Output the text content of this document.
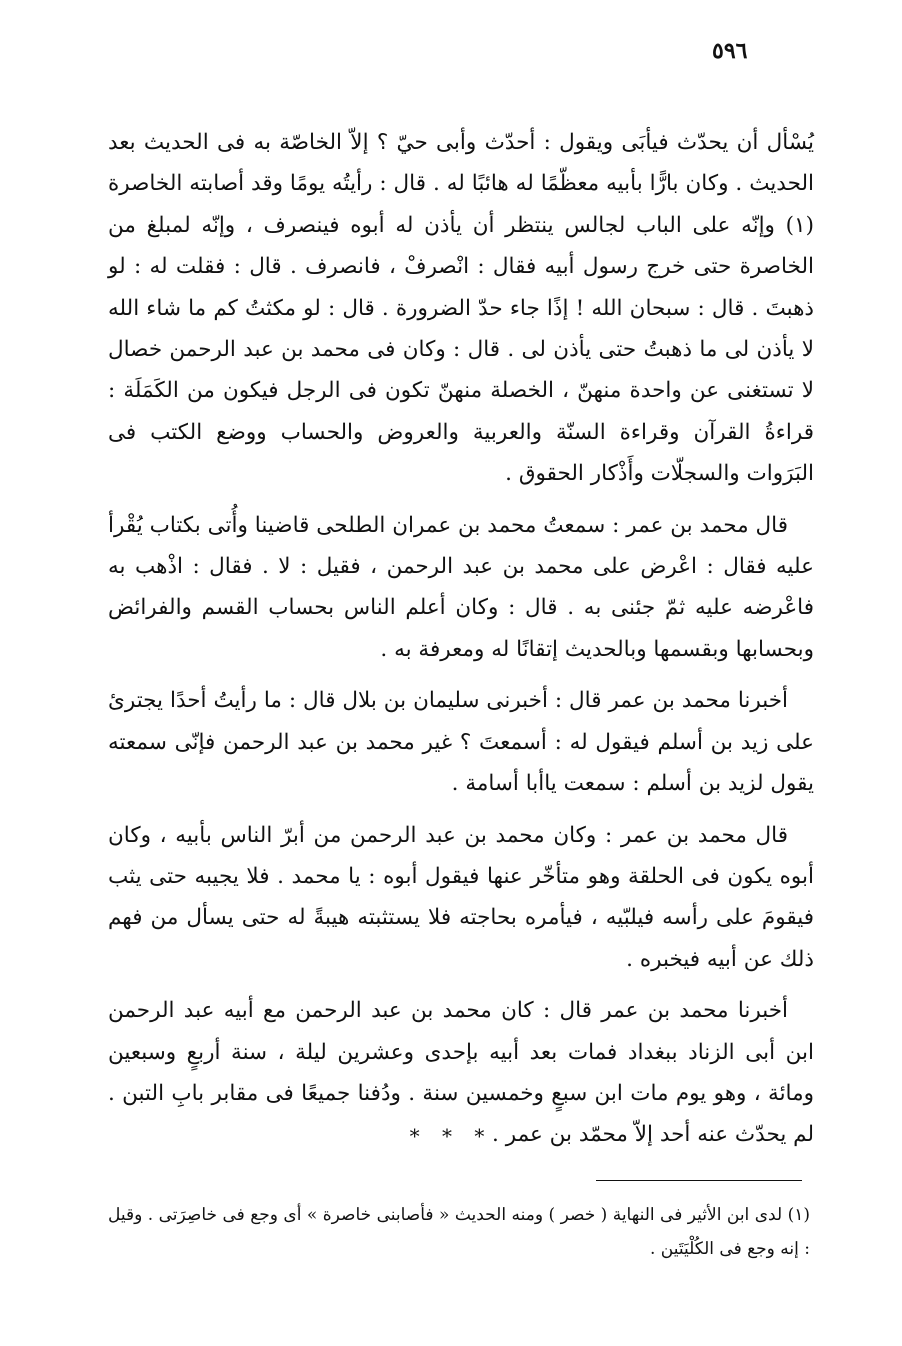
٥٩٦

يُسْأل أن يحدّث فيأبَى ويقول : أحدّث وأبى حيّ ؟ إلاّ الخاصّة به فى الحديث بعد الحديث . وكان بارًّا بأبيه معظّمًا له هائبًا له . قال : رأيتُه يومًا وقد أصابته الخاصرة (١) وإنّه على الباب لجالس ينتظر أن يأذن له أبوه فينصرف ، وإنّه لمبلغ من الخاصرة حتى خرج رسول أبيه فقال : انْصرفْ ، فانصرف . قال : فقلت له : لو ذهبتَ . قال : سبحان الله ! إذًا جاء حدّ الضرورة . قال : لو مكثتُ كم ما شاء الله لا يأذن لى ما ذهبتُ حتى يأذن لى . قال : وكان فى محمد بن عبد الرحمن خصال لا تستغنى عن واحدة منهنّ ، الخصلة منهنّ تكون فى الرجل فيكون من الكَمَلَة : قراءةُ القرآن وقراءة السنّة والعربية والعروض والحساب ووضع الكتب فى البَرَوات والسجلّات وأَذْكار الحقوق .

قال محمد بن عمر : سمعتُ محمد بن عمران الطلحى قاضينا وأُتى بكتاب يُقْرأ عليه فقال : اعْرض على محمد بن عبد الرحمن ، فقيل : لا . فقال : اذْهب به فاعْرضه عليه ثمّ جئنى به . قال : وكان أعلم الناس بحساب القسم والفرائض وبحسابها وبقسمها وبالحديث إتقانًا له ومعرفة به .

أخبرنا محمد بن عمر قال : أخبرنى سليمان بن بلال قال : ما رأيتُ أحدًا يجترئ على زيد بن أسلم فيقول له : أسمعتَ ؟ غير محمد بن عبد الرحمن فإنّى سمعته يقول لزيد بن أسلم : سمعت ياأبا أسامة .

قال محمد بن عمر : وكان محمد بن عبد الرحمن من أبرّ الناس بأبيه ، وكان أبوه يكون فى الحلقة وهو متأخّر عنها فيقول أبوه : يا محمد . فلا يجيبه حتى يثب فيقومَ على رأسه فيلبّيه ، فيأمره بحاجته فلا يستثبته هيبةً له حتى يسأل من فهم ذلك عن أبيه فيخبره .

أخبرنا محمد بن عمر قال : كان محمد بن عبد الرحمن مع أبيه عبد الرحمن ابن أبى الزناد ببغداد فمات بعد أبيه بإحدى وعشرين ليلة ، سنة أربعٍ وسبعين ومائة ، وهو يوم مات ابن سبعٍ وخمسين سنة . ودُفنا جميعًا فى مقابر بابِ التبن . لم يحدّث عنه أحد إلاّ محمّد بن عمر .

* * *

(١) لدى ابن الأثير فى النهاية ( خصر ) ومنه الحديث « فأصابنى خاصرة » أى وجع فى خاصِرَتى . وقيل : إنه وجع فى الكُلْيَتَين .
